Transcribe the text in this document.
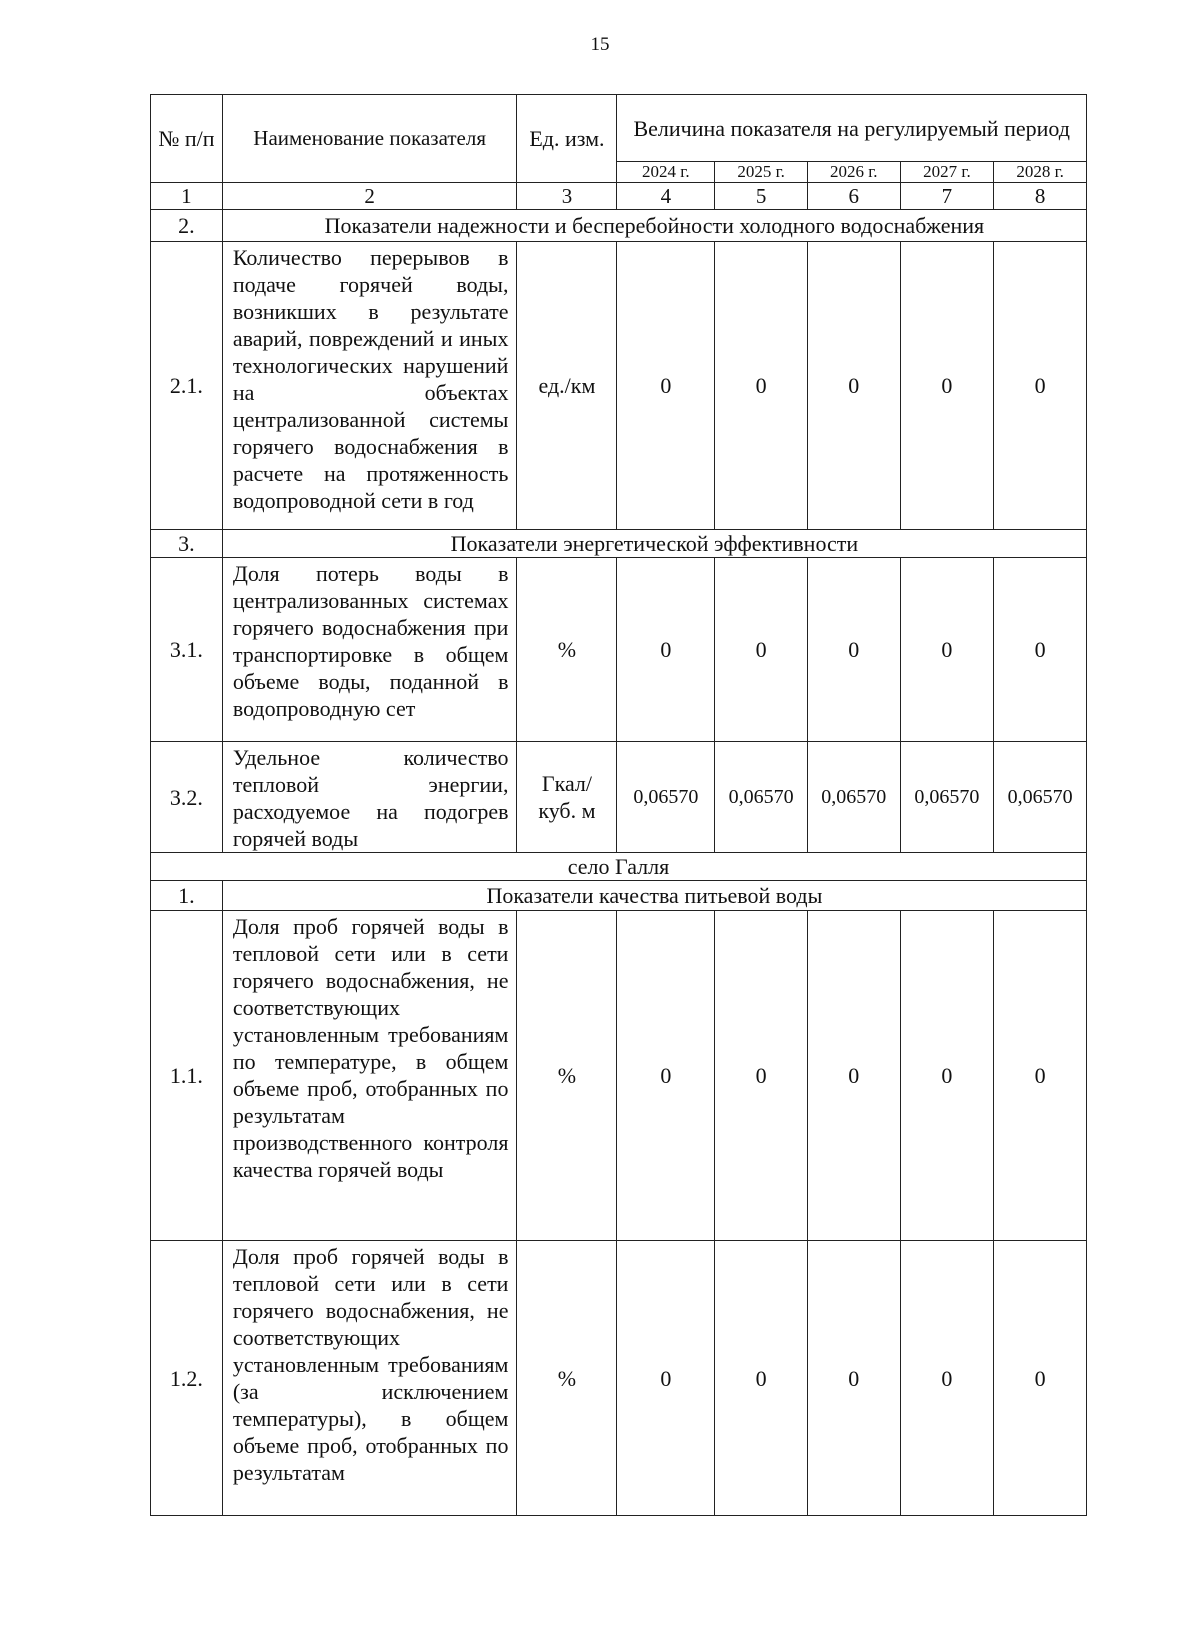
15
№ п/п	Наименование показателя	Ед. изм.	Величина показателя на регулируемый период				
			2024 г.	2025 г.	2026 г.	2027 г.	2028 г.
1	2	3	4	5	6	7	8
2.	Показатели надежности и бесперебойности холодного водоснабжения						
2.1.	Количество перерывов в подаче горячей воды, возникших в результате аварий, повреждений и иных технологических нарушений на объектах централизованной системы горячего водоснабжения в расчете на протяженность водопроводной сети в год	ед./км	0	0	0	0	0
3.	Показатели энергетической эффективности						
3.1.	Доля потерь воды в централизованных системах горячего водоснабжения при транспортировке в общем объеме воды, поданной в водопроводную сет	%	0	0	0	0	0
3.2.	Удельное количество тепловой энергии, расходуемое на подогрев горячей воды	Гкал/ куб. м	0,06570	0,06570	0,06570	0,06570	0,06570
село Галля							
1.	Показатели качества питьевой воды						
1.1.	Доля проб горячей воды в тепловой сети или в сети горячего водоснабжения, не соответствующих установленным требованиям по температуре, в общем объеме проб, отобранных по результатам производственного контроля качества горячей воды	%	0	0	0	0	0
1.2.	Доля проб горячей воды в тепловой сети или в сети горячего водоснабжения, не соответствующих установленным требованиям (за исключением температуры), в общем объеме проб, отобранных по результатам	%	0	0	0	0	0
